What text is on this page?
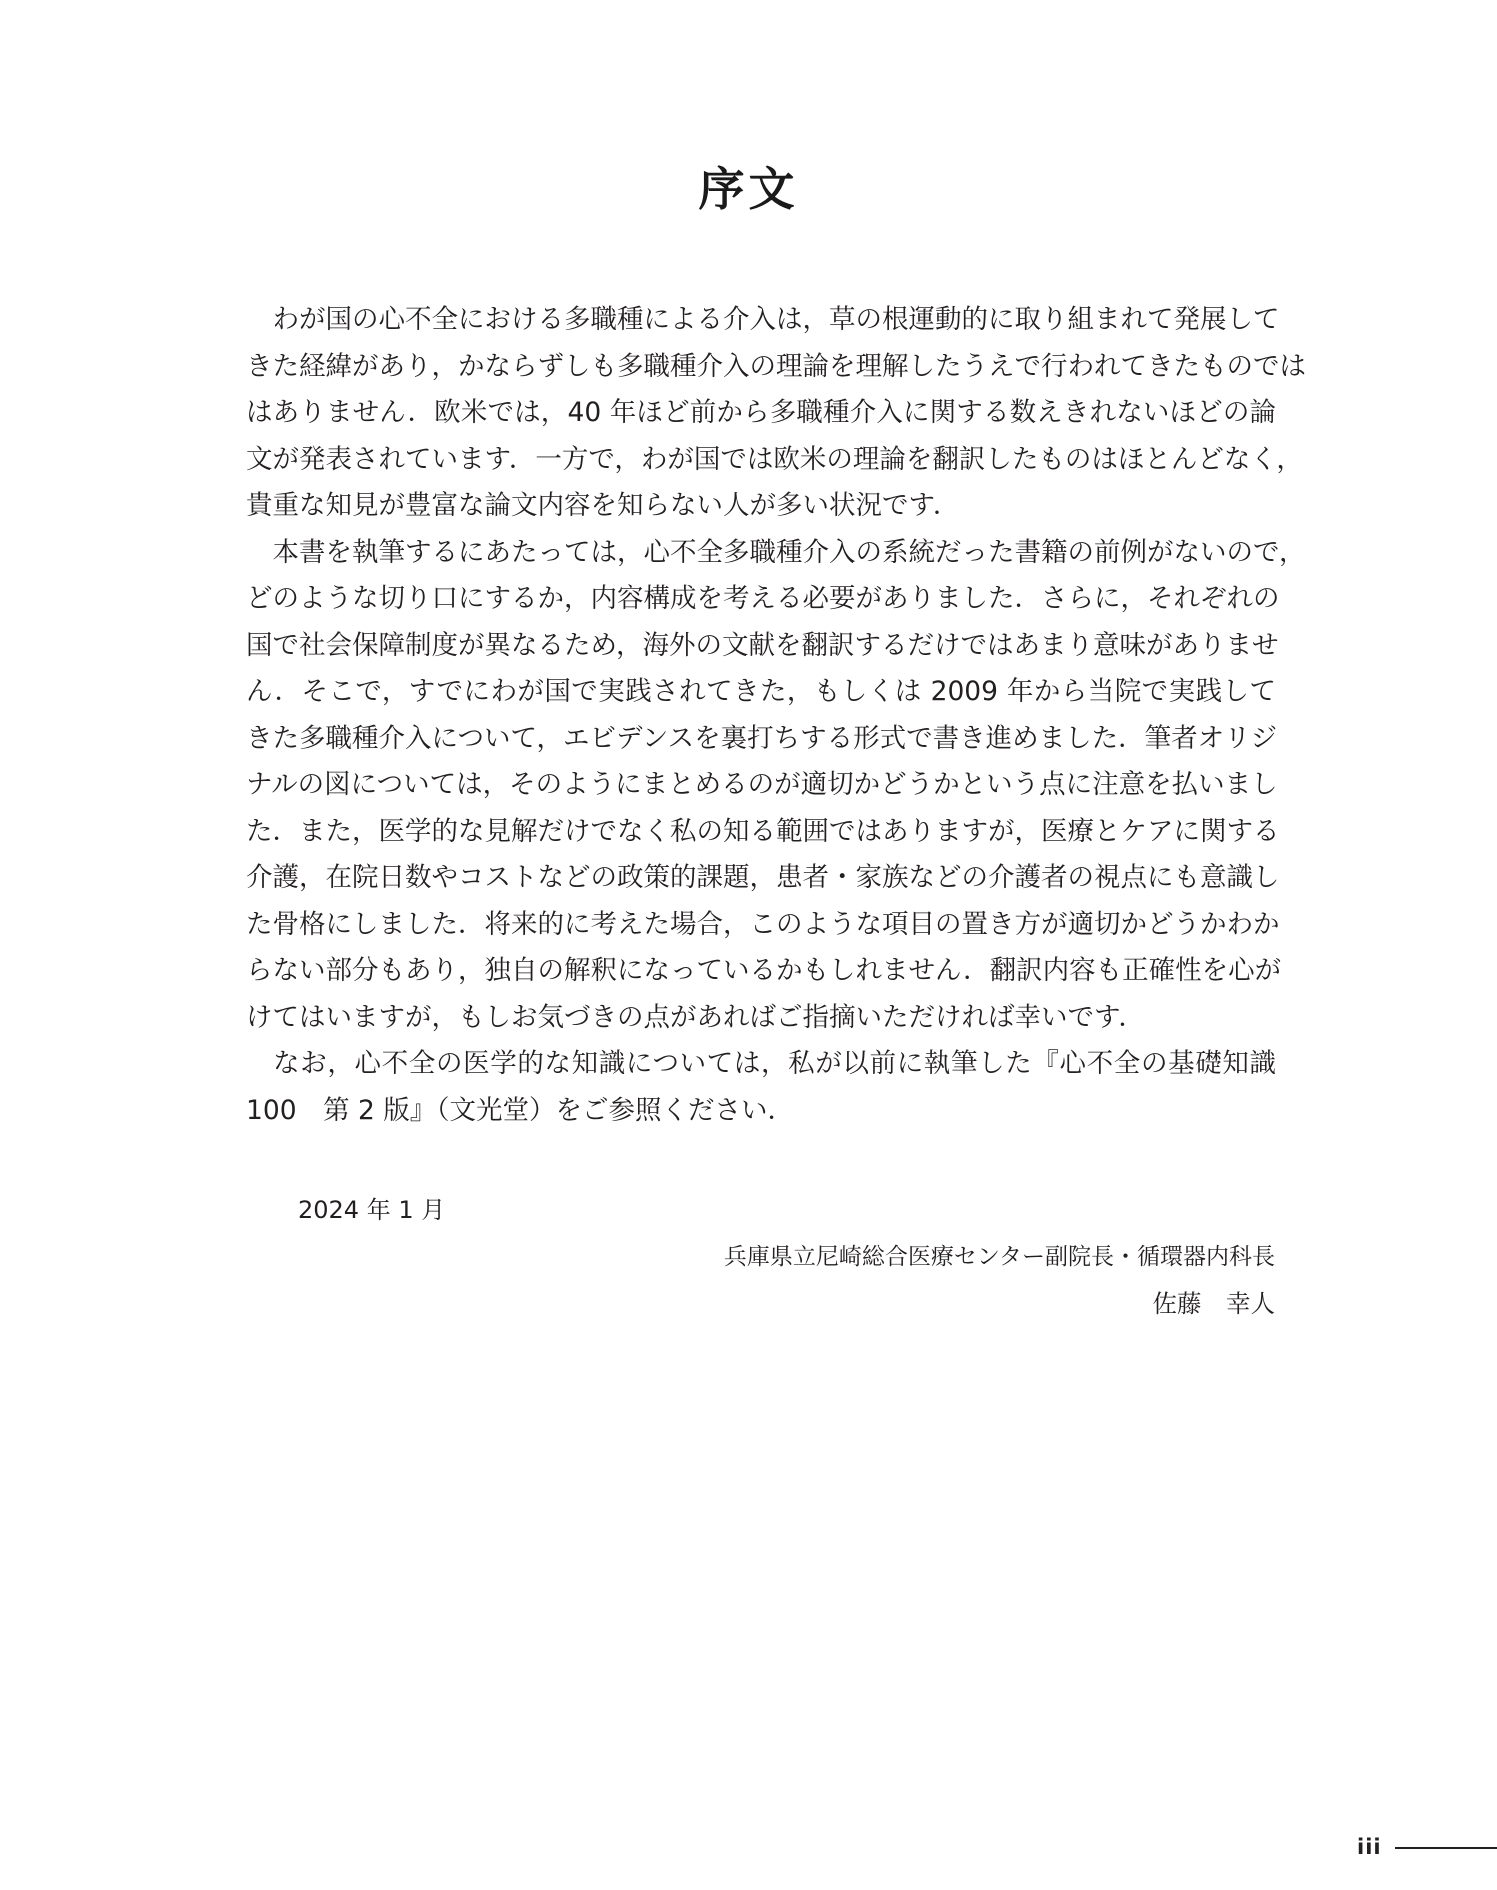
序文
　わが国の心不全における多職種による介入は，草の根運動的に取り組まれて発展して
きた経緯があり，かならずしも多職種介入の理論を理解したうえで行われてきたものでは
はありません．欧米では，40 年ほど前から多職種介入に関する数えきれないほどの論
文が発表されています．一方で，わが国では欧米の理論を翻訳したものはほとんどなく，
貴重な知見が豊富な論文内容を知らない人が多い状況です．
　本書を執筆するにあたっては，心不全多職種介入の系統だった書籍の前例がないので，
どのような切り口にするか，内容構成を考える必要がありました．さらに，それぞれの
国で社会保障制度が異なるため，海外の文献を翻訳するだけではあまり意味がありませ
ん．そこで，すでにわが国で実践されてきた，もしくは 2009 年から当院で実践して
きた多職種介入について，エビデンスを裏打ちする形式で書き進めました．筆者オリジ
ナルの図については，そのようにまとめるのが適切かどうかという点に注意を払いまし
た．また，医学的な見解だけでなく私の知る範囲ではありますが，医療とケアに関する
介護，在院日数やコストなどの政策的課題，患者・家族などの介護者の視点にも意識し
た骨格にしました．将来的に考えた場合，このような項目の置き方が適切かどうかわか
らない部分もあり，独自の解釈になっているかもしれません．翻訳内容も正確性を心が
けてはいますが，もしお気づきの点があればご指摘いただければ幸いです．
　なお，心不全の医学的な知識については，私が以前に執筆した『心不全の基礎知識
100　第 2 版』（文光堂）をご参照ください．
2024 年 1 月
兵庫県立尼崎総合医療センター副院長・循環器内科長
佐藤　幸人
iii
